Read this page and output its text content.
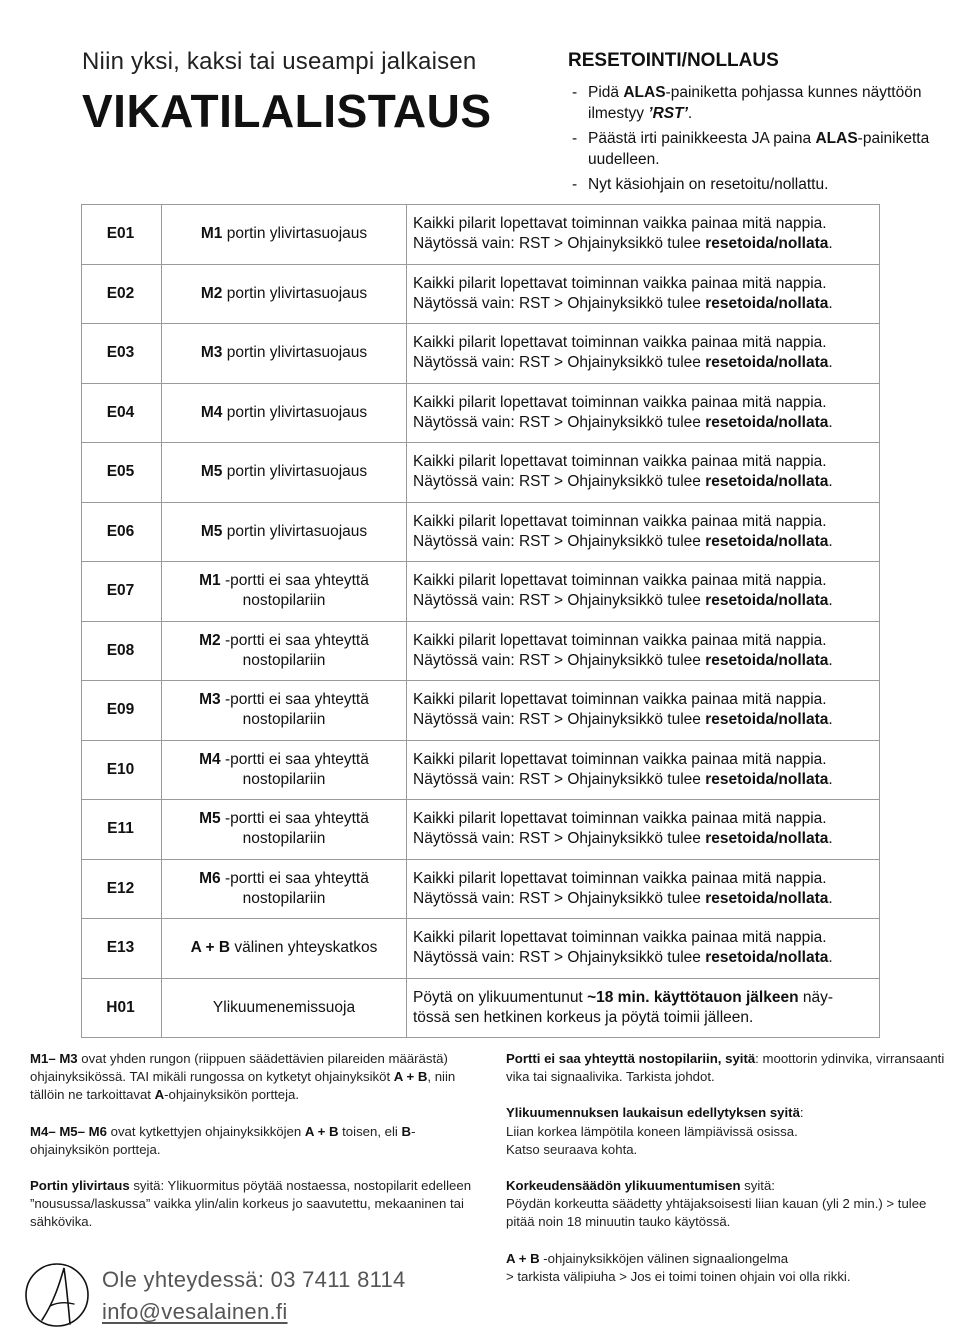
Niin yksi, kaksi tai useampi jalkaisen
VIKATILALISTAUS
RESETOINTI/NOLLAUS
- Pidä ALAS-painiketta pohjassa kunnes näyttöön ilmestyy ’RST’.
- Päästä irti painikkeesta JA paina ALAS-painiketta uudelleen.
- Nyt käsiohjain on resetoitu/nollattu.
E01	M1 portin ylivirtasuojaus	Kaikki pilarit lopettavat toiminnan vaikka painaa mitä nappia.
Näytössä vain: RST > Ohjainyksikkö tulee resetoida/nollata.
E02	M2 portin ylivirtasuojaus	Kaikki pilarit lopettavat toiminnan vaikka painaa mitä nappia.
Näytössä vain: RST > Ohjainyksikkö tulee resetoida/nollata.
E03	M3 portin ylivirtasuojaus	Kaikki pilarit lopettavat toiminnan vaikka painaa mitä nappia.
Näytössä vain: RST > Ohjainyksikkö tulee resetoida/nollata.
E04	M4 portin ylivirtasuojaus	Kaikki pilarit lopettavat toiminnan vaikka painaa mitä nappia.
Näytössä vain: RST > Ohjainyksikkö tulee resetoida/nollata.
E05	M5 portin ylivirtasuojaus	Kaikki pilarit lopettavat toiminnan vaikka painaa mitä nappia.
Näytössä vain: RST > Ohjainyksikkö tulee resetoida/nollata.
E06	M5 portin ylivirtasuojaus	Kaikki pilarit lopettavat toiminnan vaikka painaa mitä nappia.
Näytössä vain: RST > Ohjainyksikkö tulee resetoida/nollata.
E07	M1 -portti ei saa yhteyttä
nostopilariin	Kaikki pilarit lopettavat toiminnan vaikka painaa mitä nappia.
Näytössä vain: RST > Ohjainyksikkö tulee resetoida/nollata.
E08	M2 -portti ei saa yhteyttä
nostopilariin	Kaikki pilarit lopettavat toiminnan vaikka painaa mitä nappia.
Näytössä vain: RST > Ohjainyksikkö tulee resetoida/nollata.
E09	M3 -portti ei saa yhteyttä
nostopilariin	Kaikki pilarit lopettavat toiminnan vaikka painaa mitä nappia.
Näytössä vain: RST > Ohjainyksikkö tulee resetoida/nollata.
E10	M4 -portti ei saa yhteyttä
nostopilariin	Kaikki pilarit lopettavat toiminnan vaikka painaa mitä nappia.
Näytössä vain: RST > Ohjainyksikkö tulee resetoida/nollata.
E11	M5 -portti ei saa yhteyttä
nostopilariin	Kaikki pilarit lopettavat toiminnan vaikka painaa mitä nappia.
Näytössä vain: RST > Ohjainyksikkö tulee resetoida/nollata.
E12	M6 -portti ei saa yhteyttä
nostopilariin	Kaikki pilarit lopettavat toiminnan vaikka painaa mitä nappia.
Näytössä vain: RST > Ohjainyksikkö tulee resetoida/nollata.
E13	A + B välinen yhteyskatkos	Kaikki pilarit lopettavat toiminnan vaikka painaa mitä nappia.
Näytössä vain: RST > Ohjainyksikkö tulee resetoida/nollata.
H01	Ylikuumenemissuoja	Pöytä on ylikuumentunut ~18 min. käyttötauon jälkeen näy-
tössä sen hetkinen korkeus ja pöytä toimii jälleen.

M1– M3 ovat yhden rungon (riippuen säädettävien pilareiden määrästä) ohjainyksikössä. TAI mikäli rungossa on kytketyt ohjainyksiköt A + B, niin tällöin ne tarkoittavat A-ohjainyksikön portteja.

M4– M5– M6 ovat kytkettyjen ohjainyksikköjen A + B toisen, eli B-ohjainyksikön portteja.

Portin ylivirtaus syitä: Ylikuormitus pöytää nostaessa, nostopilarit edelleen ”nousussa/laskussa” vaikka ylin/alin korkeus jo saavutettu, mekaaninen tai sähkövika.

Portti ei saa yhteyttä nostopilariin, syitä: moottorin ydinvika, virransaanti vika tai signaalivika. Tarkista johdot.

Ylikuumennuksen laukaisun edellytyksen syitä:
Liian korkea lämpötila koneen lämpiävissä osissa.
Katso seuraava kohta.

Korkeudensäädön ylikuumentumisen syitä:
Pöydän korkeutta säädetty yhtäjaksoisesti liian kauan (yli 2 min.) > tulee pitää noin 18 minuutin tauko käytössä.

A + B -ohjainyksikköjen välinen signaaliongelma
> tarkista välipiuha > Jos ei toimi toinen ohjain voi olla rikki.

Ole yhteydessä: 03 7411 8114
info@vesalainen.fi
